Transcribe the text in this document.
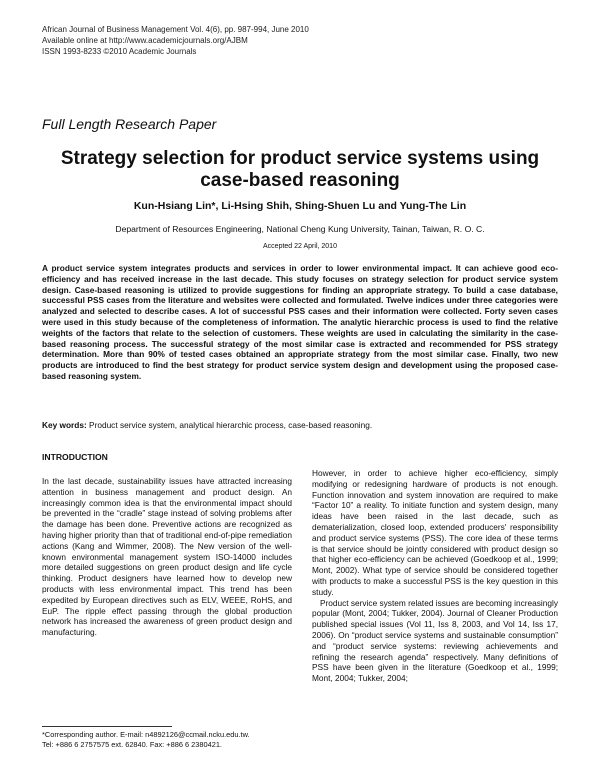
African Journal of Business Management Vol. 4(6), pp. 987-994, June 2010
Available online at http://www.academicjournals.org/AJBM
ISSN 1993-8233 ©2010 Academic Journals
Full Length Research Paper
Strategy selection for product service systems using case-based reasoning
Kun-Hsiang Lin*, Li-Hsing Shih, Shing-Shuen Lu and Yung-The Lin
Department of Resources Engineering, National Cheng Kung University, Tainan, Taiwan, R. O. C.
Accepted 22 April, 2010
A product service system integrates products and services in order to lower environmental impact. It can achieve good eco-efficiency and has received increase in the last decade. This study focuses on strategy selection for product service system design. Case-based reasoning is utilized to provide suggestions for finding an appropriate strategy. To build a case database, successful PSS cases from the literature and websites were collected and formulated. Twelve indices under three categories were analyzed and selected to describe cases. A lot of successful PSS cases and their information were collected. Forty seven cases were used in this study because of the completeness of information. The analytic hierarchic process is used to find the relative weights of the factors that relate to the selection of customers. These weights are used in calculating the similarity in the case-based reasoning process. The successful strategy of the most similar case is extracted and recommended for PSS strategy determination. More than 90% of tested cases obtained an appropriate strategy from the most similar case. Finally, two new products are introduced to find the best strategy for product service system design and development using the proposed case-based reasoning system.
Key words: Product service system, analytical hierarchic process, case-based reasoning.
INTRODUCTION

In the last decade, sustainability issues have attracted increasing attention in business management and product design. An increasingly common idea is that the environmental impact should be prevented in the “cradle” stage instead of solving problems after the damage has been done. Preventive actions are recognized as having higher priority than that of traditional end-of-pipe remediation actions (Kang and Wimmer, 2008). The New version of the well-known environmental management system ISO-14000 includes more detailed suggestions on green product design and life cycle thinking. Product designers have learned how to develop new products with less environmental impact. This trend has been expedited by European directives such as ELV, WEEE, RoHS, and EuP. The ripple effect passing through the global production network has increased the awareness of green product design and manufacturing.

However, in order to achieve higher eco-efficiency, simply modifying or redesigning hardware of products is not enough. Function innovation and system innovation are required to make “Factor 10” a reality. To initiate function and system design, many ideas have been raised in the last decade, such as dematerialization, closed loop, extended producers' responsibility and product service systems (PSS). The core idea of these terms is that service should be jointly considered with product design so that higher eco-efficiency can be achieved (Goedkoop et al., 1999; Mont, 2002). What type of service should be considered together with products to make a successful PSS is the key question in this study.

Product service system related issues are becoming increasingly popular (Mont, 2004; Tukker, 2004). Journal of Cleaner Production published special issues (Vol 11, Iss 8, 2003, and Vol 14, Iss 17, 2006). On “product service systems and sustainable consumption” and “product service systems: reviewing achievements and refining the research agenda” respectively. Many definitions of PSS have been given in the literature (Goedkoop et al., 1999; Mont, 2004; Tukker, 2004;

*Corresponding author. E-mail: n4892126@ccmail.ncku.edu.tw.
Tel: +886 6 2757575 ext. 62840. Fax: +886 6 2380421.
